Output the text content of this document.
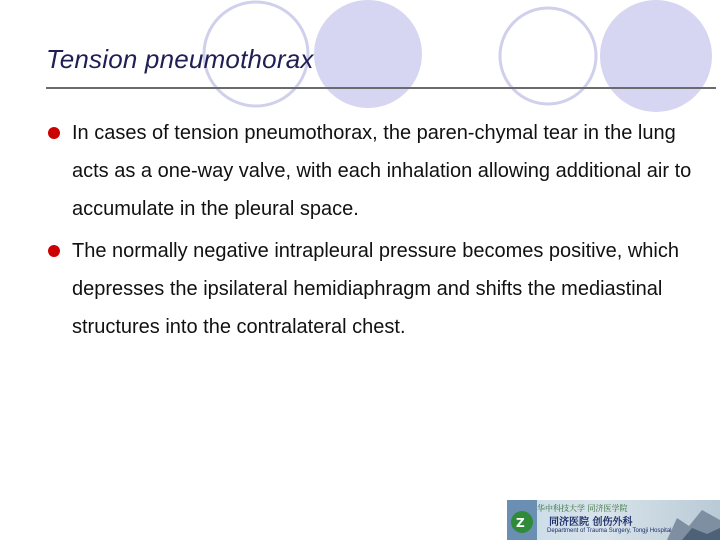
Tension pneumothorax
In cases of tension pneumothorax, the paren-chymal tear in the lung acts as a one-way valve, with each inhalation allowing additional air to accumulate in the pleural space.
The normally negative intrapleural pressure becomes positive, which depresses the ipsilateral hemidiaphragm and shifts the mediastinal structures into the contralateral chest.
Z
华中科技大学 同济医学院
同济医院 创伤外科
Department of Trauma Surgery, Tongji Hospital
